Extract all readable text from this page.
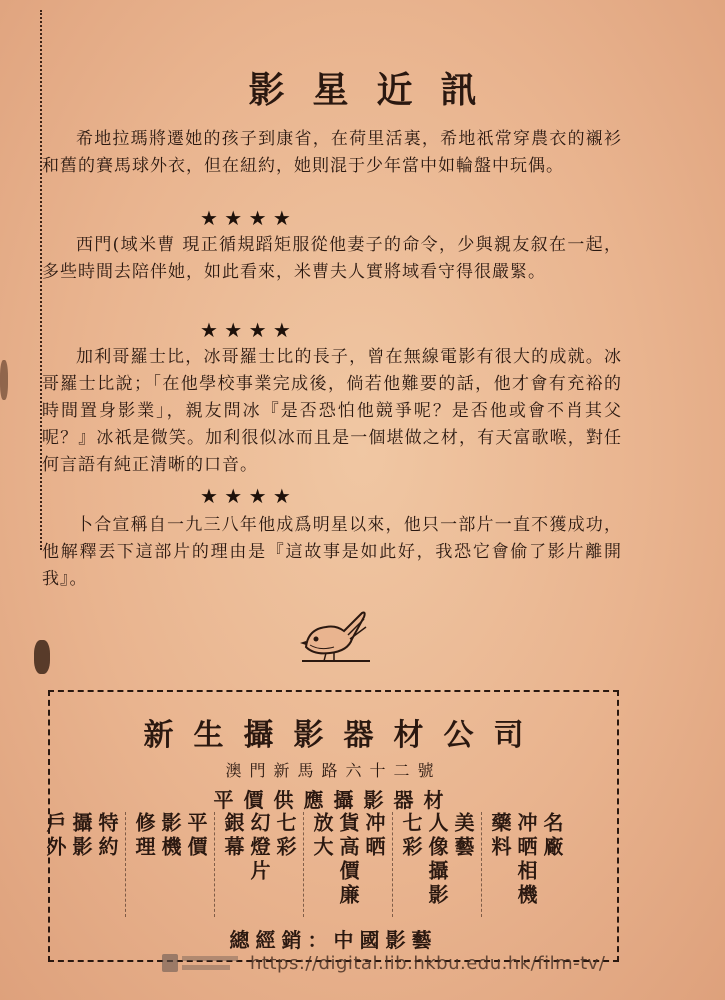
影星近訊

希地拉瑪將遷她的孩子到康省，在荷里活裏，希地祇常穿農衣的襯衫和舊的賽馬球外衣，但在紐約，她則混于少年當中如輪盤中玩偶。

★ ★ ★ ★

西門(域米曹 現正循規蹈矩服從他妻子的命令，少與親友叙在一起，多些時間去陪伴她，如此看來，米曹夫人實將域看守得很嚴緊。

★ ★ ★ ★

加利哥羅士比，冰哥羅士比的長子，曾在無線電影有很大的成就。冰哥羅士比說；「在他學校事業完成後，倘若他難要的話，他才會有充裕的時間置身影業」，親友問冰『是否恐怕他競爭呢？是否他或會不肖其父呢？』冰祇是微笑。加利很似冰而且是一個堪做之材，有天富歌喉，對任何言語有純正清晰的口音。

★ ★ ★ ★

卜合宣稱自一九三八年他成爲明星以來，他只一部片一直不獲成功，他解釋丟下這部片的理由是『這故事是如此好，我恐它會偷了影片離開我』。

新生攝影器材公司
澳門新馬路六十二號
平價供應攝影器材
名廠
冲晒相機
藥料
美藝
人像攝影
七彩
冲晒
貨高價廉
放大
七彩
幻燈片
銀幕
平價
影機
修理
特約
攝影
戶外
總經銷：中國影藝
https://digital.lib.hkbu.edu.hk/film-tv/
